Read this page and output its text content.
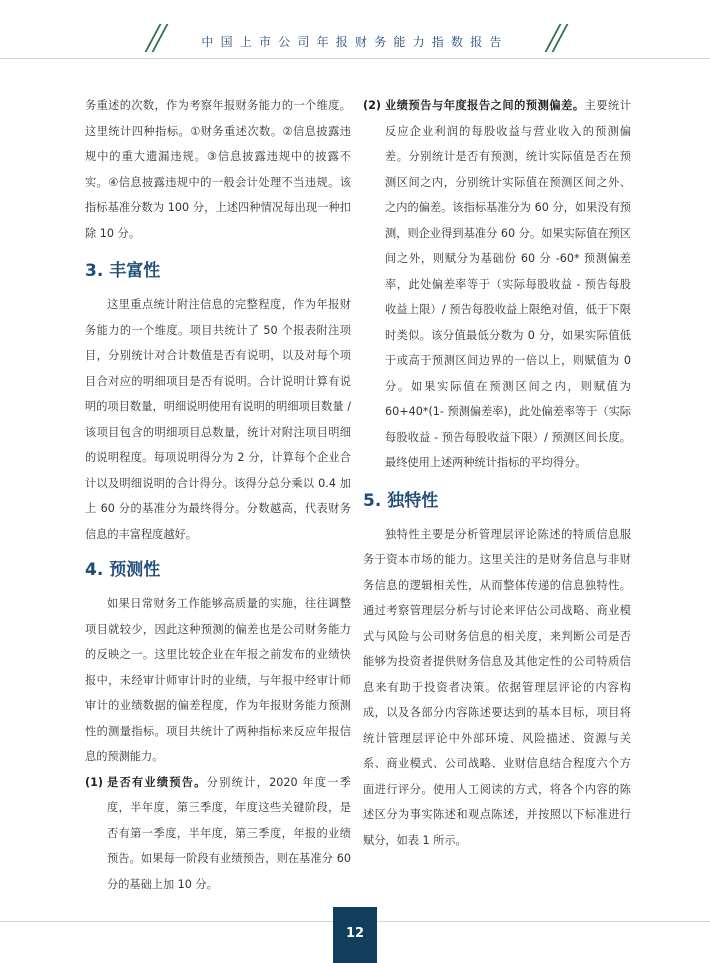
中国上市公司年报财务能力指数报告

务重述的次数，作为考察年报财务能力的一个维度。这里统计四种指标。①财务重述次数。②信息披露违规中的重大遗漏违规。③信息披露违规中的披露不实。④信息披露违规中的一般会计处理不当违规。该指标基准分数为 100 分，上述四种情况每出现一种扣除 10 分。

3. 丰富性

这里重点统计附注信息的完整程度，作为年报财务能力的一个维度。项目共统计了 50 个报表附注项目，分别统计对合计数值是否有说明，以及对每个项目合对应的明细项目是否有说明。合计说明计算有说明的项目数量，明细说明使用有说明的明细项目数量 / 该项目包含的明细项目总数量，统计对附注项目明细的说明程度。每项说明得分为 2 分，计算每个企业合计以及明细说明的合计得分。该得分总分乘以 0.4 加上 60 分的基准分为最终得分。分数越高，代表财务信息的丰富程度越好。

4. 预测性

如果日常财务工作能够高质量的实施，往往调整项目就较少，因此这种预测的偏差也是公司财务能力的反映之一。这里比较企业在年报之前发布的业绩快报中，未经审计师审计时的业绩，与年报中经审计师审计的业绩数据的偏差程度，作为年报财务能力预测性的测量指标。项目共统计了两种指标来反应年报信息的预测能力。

(1) 是否有业绩预告。分别统计，2020 年度一季度，半年度，第三季度，年度这些关键阶段，是否有第一季度，半年度，第三季度，年报的业绩预告。如果每一阶段有业绩预告，则在基准分 60 分的基础上加 10 分。

(2) 业绩预告与年度报告之间的预测偏差。主要统计反应企业利润的每股收益与营业收入的预测偏差。分别统计是否有预测，统计实际值是否在预测区间之内，分别统计实际值在预测区间之外、之内的偏差。该指标基准分为 60 分，如果没有预测，则企业得到基准分 60 分。如果实际值在预区间之外，则赋分为基础份 60 分 -60* 预测偏差率，此处偏差率等于（实际每股收益 - 预告每股收益上限）/ 预告每股收益上限绝对值，低于下限时类似。该分值最低分数为 0 分，如果实际值低于或高于预测区间边界的一倍以上，则赋值为 0 分。如果实际值在预测区间之内，则赋值为 60+40*(1- 预测偏差率)，此处偏差率等于（实际每股收益 - 预告每股收益下限）/ 预测区间长度。最终使用上述两种统计指标的平均得分。

5. 独特性

独特性主要是分析管理层评论陈述的特质信息服务于资本市场的能力。这里关注的是财务信息与非财务信息的逻辑相关性，从而整体传递的信息独特性。通过考察管理层分析与讨论来评估公司战略、商业模式与风险与公司财务信息的相关度，来判断公司是否能够为投资者提供财务信息及其他定性的公司特质信息来有助于投资者决策。依据管理层评论的内容构成，以及各部分内容陈述要达到的基本目标，项目将统计管理层评论中外部环境、风险描述、资源与关系、商业模式、公司战略、业财信息结合程度六个方面进行评分。使用人工阅读的方式，将各个内容的陈述区分为事实陈述和观点陈述，并按照以下标准进行赋分，如表 1 所示。

12
